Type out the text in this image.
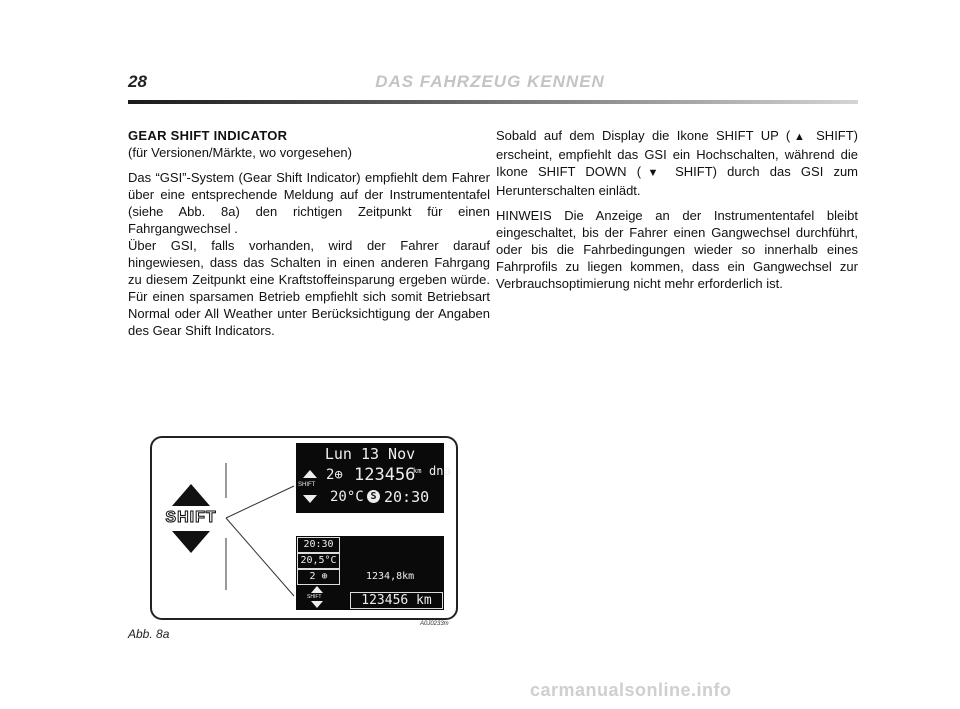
28	DAS FAHRZEUG KENNEN
GEAR SHIFT INDICATOR

(für Versionen/Märkte, wo vorgesehen)

Das “GSI”-System (Gear Shift Indicator) empfiehlt dem Fahrer über eine entsprechende Meldung auf der Instrumententafel (siehe Abb. 8a) den richtigen Zeitpunkt für einen Fahrgangwechsel .

Über GSI, falls vorhanden, wird der Fahrer darauf hingewiesen, dass das Schalten in einen anderen Fahrgang zu diesem Zeitpunkt eine Kraftstoffeinsparung ergeben würde. Für einen sparsamen Betrieb empfiehlt sich somit Betriebsart Normal oder All Weather unter Berücksichtigung der Angaben des Gear Shift Indicators.

Sobald auf dem Display die Ikone SHIFT UP (▲ SHIFT) erscheint, empfiehlt das GSI ein Hochschalten, während die Ikone SHIFT DOWN (▼ SHIFT) durch das GSI zum Herunterschalten einlädt.

HINWEIS Die Anzeige an der Instrumententafel bleibt eingeschaltet, bis der Fahrer einen Gangwechsel durchführt, oder bis die Fahrbedingungen wieder so innerhalb eines Fahrprofils zu liegen kommen, dass ein Gangwechsel zur Verbrauchsoptimierung nicht mehr erforderlich ist.

SHIFT
Lun 13 Nov
SHIFT
2⊕ 123456
km
20°C S 20:30
dna
20:30
20,5°C
2 ⊕	1234,8km
SHIFT	123456 km
Abb. 8a
A0J0233m
carmanualsonline.info
